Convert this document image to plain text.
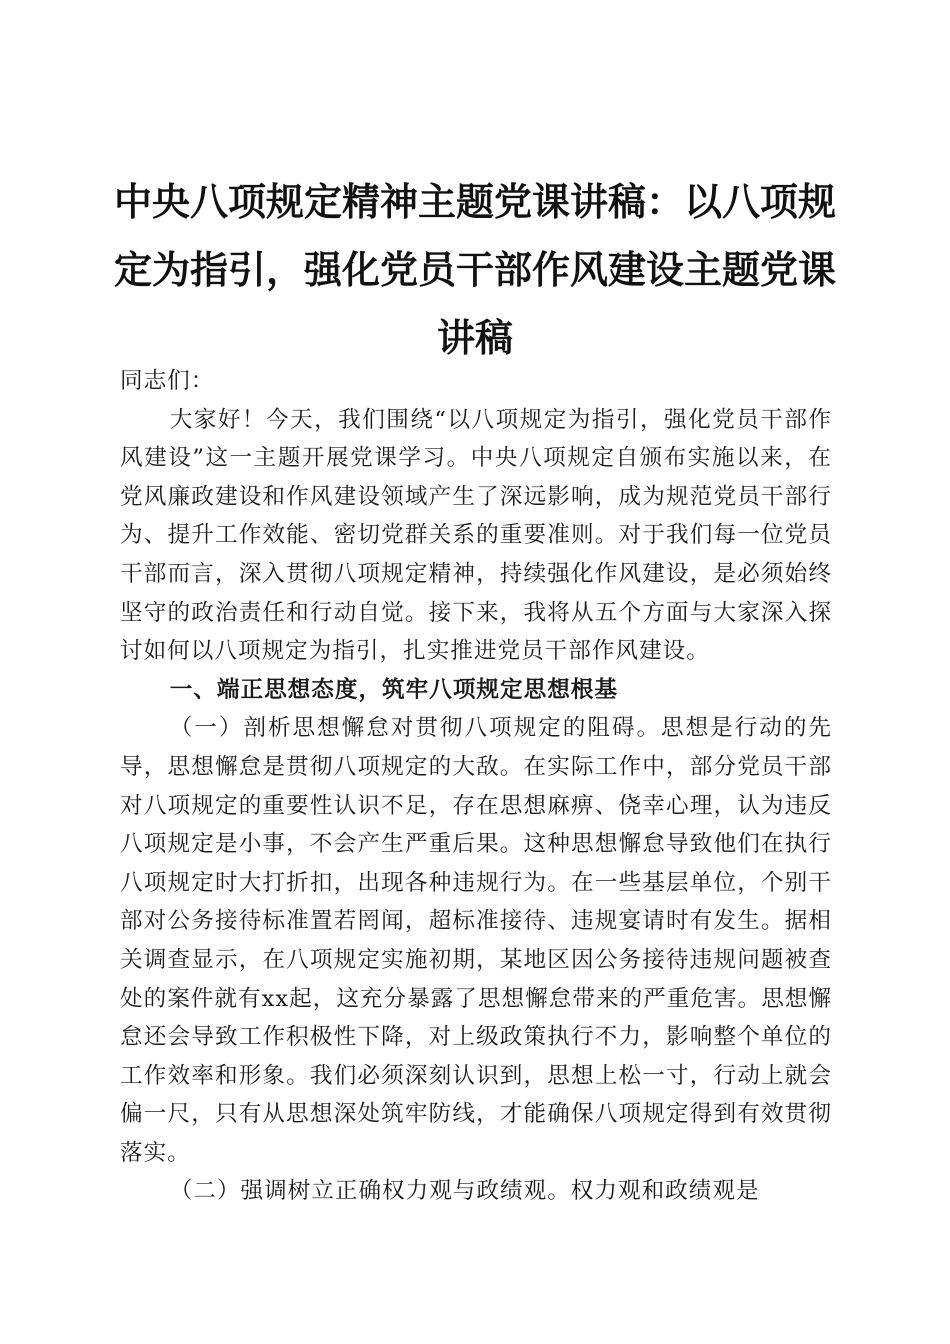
中央八项规定精神主题党课讲稿：以八项规定为指引，强化党员干部作风建设主题党课讲稿

同志们：

大家好！今天，我们围绕“以八项规定为指引，强化党员干部作风建设”这一主题开展党课学习。中央八项规定自颁布实施以来，在党风廉政建设和作风建设领域产生了深远影响，成为规范党员干部行为、提升工作效能、密切党群关系的重要准则。对于我们每一位党员干部而言，深入贯彻八项规定精神，持续强化作风建设，是必须始终坚守的政治责任和行动自觉。接下来，我将从五个方面与大家深入探讨如何以八项规定为指引，扎实推进党员干部作风建设。

一、端正思想态度，筑牢八项规定思想根基

（一）剖析思想懈怠对贯彻八项规定的阻碍。思想是行动的先导，思想懈怠是贯彻八项规定的大敌。在实际工作中，部分党员干部对八项规定的重要性认识不足，存在思想麻痹、侥幸心理，认为违反八项规定是小事，不会产生严重后果。这种思想懈怠导致他们在执行八项规定时大打折扣，出现各种违规行为。在一些基层单位，个别干部对公务接待标准置若罔闻，超标准接待、违规宴请时有发生。据相关调查显示，在八项规定实施初期，某地区因公务接待违规问题被查处的案件就有xx起，这充分暴露了思想懈怠带来的严重危害。思想懈怠还会导致工作积极性下降，对上级政策执行不力，影响整个单位的工作效率和形象。我们必须深刻认识到，思想上松一寸，行动上就会偏一尺，只有从思想深处筑牢防线，才能确保八项规定得到有效贯彻落实。

（二）强调树立正确权力观与政绩观。权力观和政绩观是
